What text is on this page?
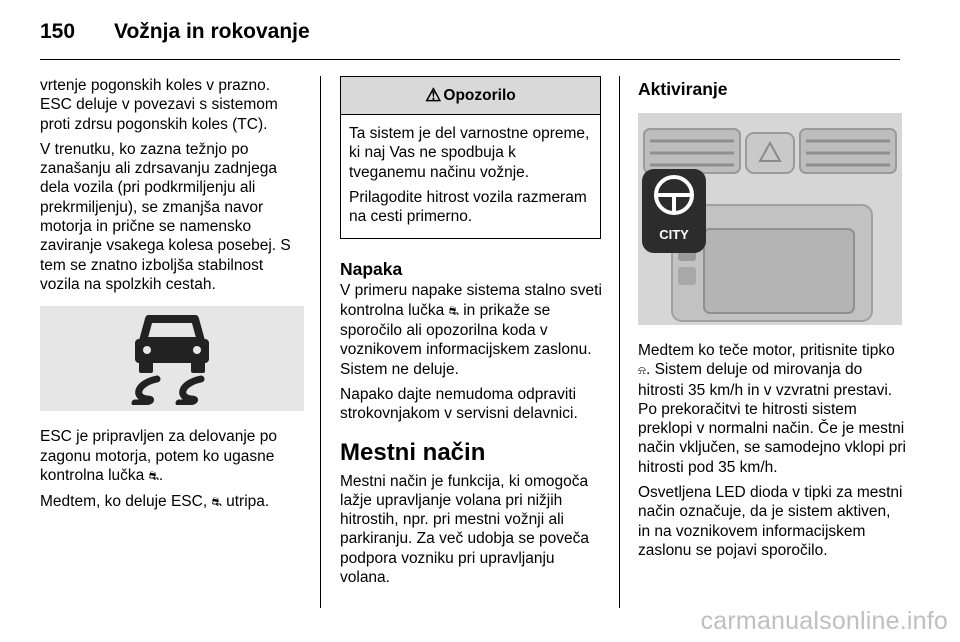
150 Vožnja in rokovanje

vrtenje pogonskih koles v prazno. ESC deluje v povezavi s sistemom proti zdrsu pogonskih koles (TC).

V trenutku, ko zazna težnjo po zanašanju ali zdrsavanju zadnjega dela vozila (pri podkrmiljenju ali prekrmiljenju), se zmanjša navor motorja in prične se namensko zaviranje vsakega kolesa posebej. S tem se znatno izboljša stabilnost vozila na spolzkih cestah.

ESC je pripravljen za delovanje po zagonu motorja, potem ko ugasne kontrolna lučka ⛐.

Medtem, ko deluje ESC, ⛐ utripa.

⚠ Opozorilo

Ta sistem je del varnostne opreme, ki naj Vas ne spodbuja k tveganemu načinu vožnje.

Prilagodite hitrost vozila razmeram na cesti primerno.

Napaka

V primeru napake sistema stalno sveti kontrolna lučka ⛐ in prikaže se sporočilo ali opozorilna koda v voznikovem informacijskem zaslonu. Sistem ne deluje.

Napako dajte nemudoma odpraviti strokovnjakom v servisni delavnici.

Mestni način

Mestni način je funkcija, ki omogoča lažje upravljanje volana pri nižjih hitrostih, npr. pri mestni vožnji ali parkiranju. Za več udobja se poveča podpora vozniku pri upravljanju volana.

Aktiviranje
CITY

Medtem ko teče motor, pritisnite tipko ⍾. Sistem deluje od mirovanja do hitrosti 35 km/h in v vzvratni prestavi. Po prekoračitvi te hitrosti sistem preklopi v normalni način. Če je mestni način vključen, se samodejno vklopi pri hitrosti pod 35 km/h.

Osvetljena LED dioda v tipki za mestni način označuje, da je sistem aktiven, in na voznikovem informacijskem zaslonu se pojavi sporočilo.

carmanualsonline.info
